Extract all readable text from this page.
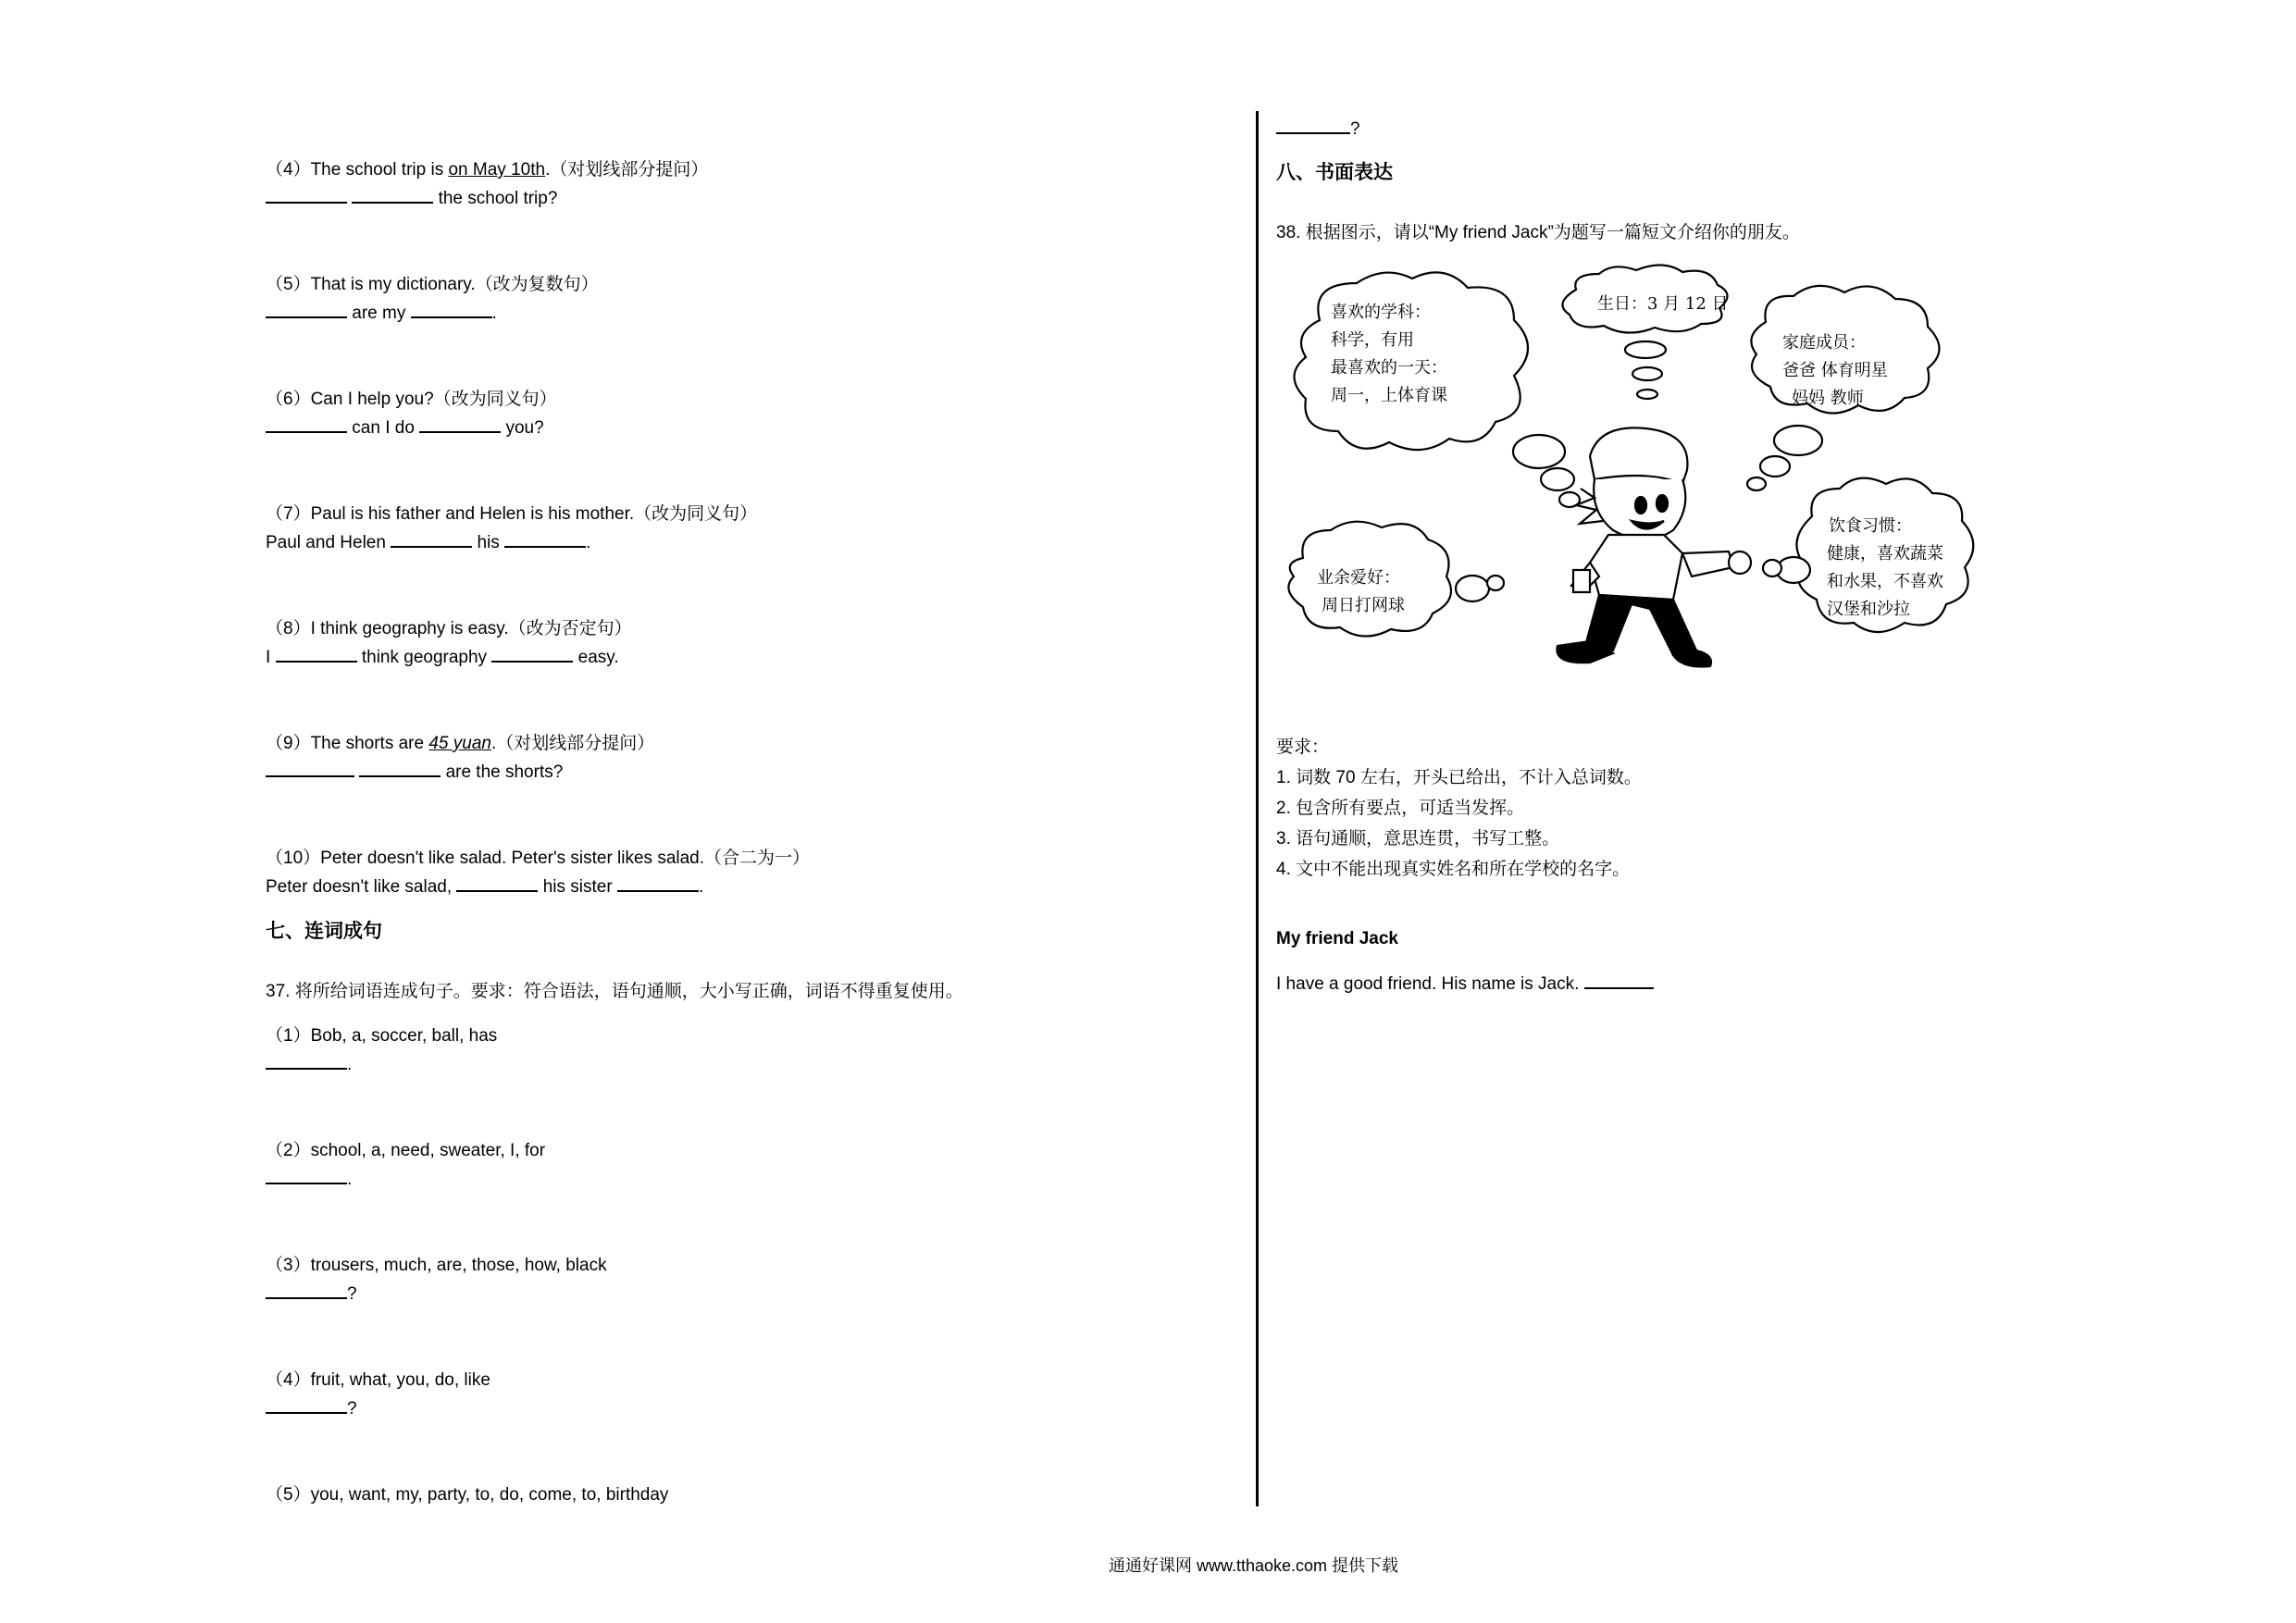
（4）The school trip is on May 10th.（对划线部分提问）
the school trip?
（5）That is my dictionary.（改为复数句）
are my	.
（6）Can I help you?（改为同义句）
can I do	you?
（7）Paul is his father and Helen is his mother.（改为同义句）
Paul and Helen	his	.
（8）I think geography is easy.（改为否定句）
I	think geography	easy.
（9）The shorts are 45 yuan.（对划线部分提问）
are the shorts?
（10）Peter doesn't like salad. Peter's sister likes salad.（合二为一）
Peter doesn't like salad,	his sister	.
七、连词成句
37. 将所给词语连成句子。要求：符合语法，语句通顺，大小写正确，词语不得重复使用。
（1）Bob, a, soccer, ball, has
.
（2）school, a, need, sweater, I, for
.
（3）trousers, much, are, those, how, black
?
（4）fruit, what, you, do, like
?
（5）you, want, my, party, to, do, come, to, birthday
?
八、书面表达
38. 根据图示，请以“My friend Jack”为题写一篇短文介绍你的朋友。
喜欢的学科：
科学，有用
最喜欢的一天：
周一，上体育课
生日：3 月 12 日
家庭成员：
爸爸 体育明星
妈妈 教师
业余爱好：
周日打网球
饮食习惯：
健康，喜欢蔬菜
和水果，不喜欢
汉堡和沙拉
要求：
1. 词数 70 左右，开头已给出，不计入总词数。
2. 包含所有要点，可适当发挥。
3. 语句通顺，意思连贯，书写工整。
4. 文中不能出现真实姓名和所在学校的名字。
My friend Jack
I have a good friend. His name is Jack.
通通好课网 www.tthaoke.com 提供下载
